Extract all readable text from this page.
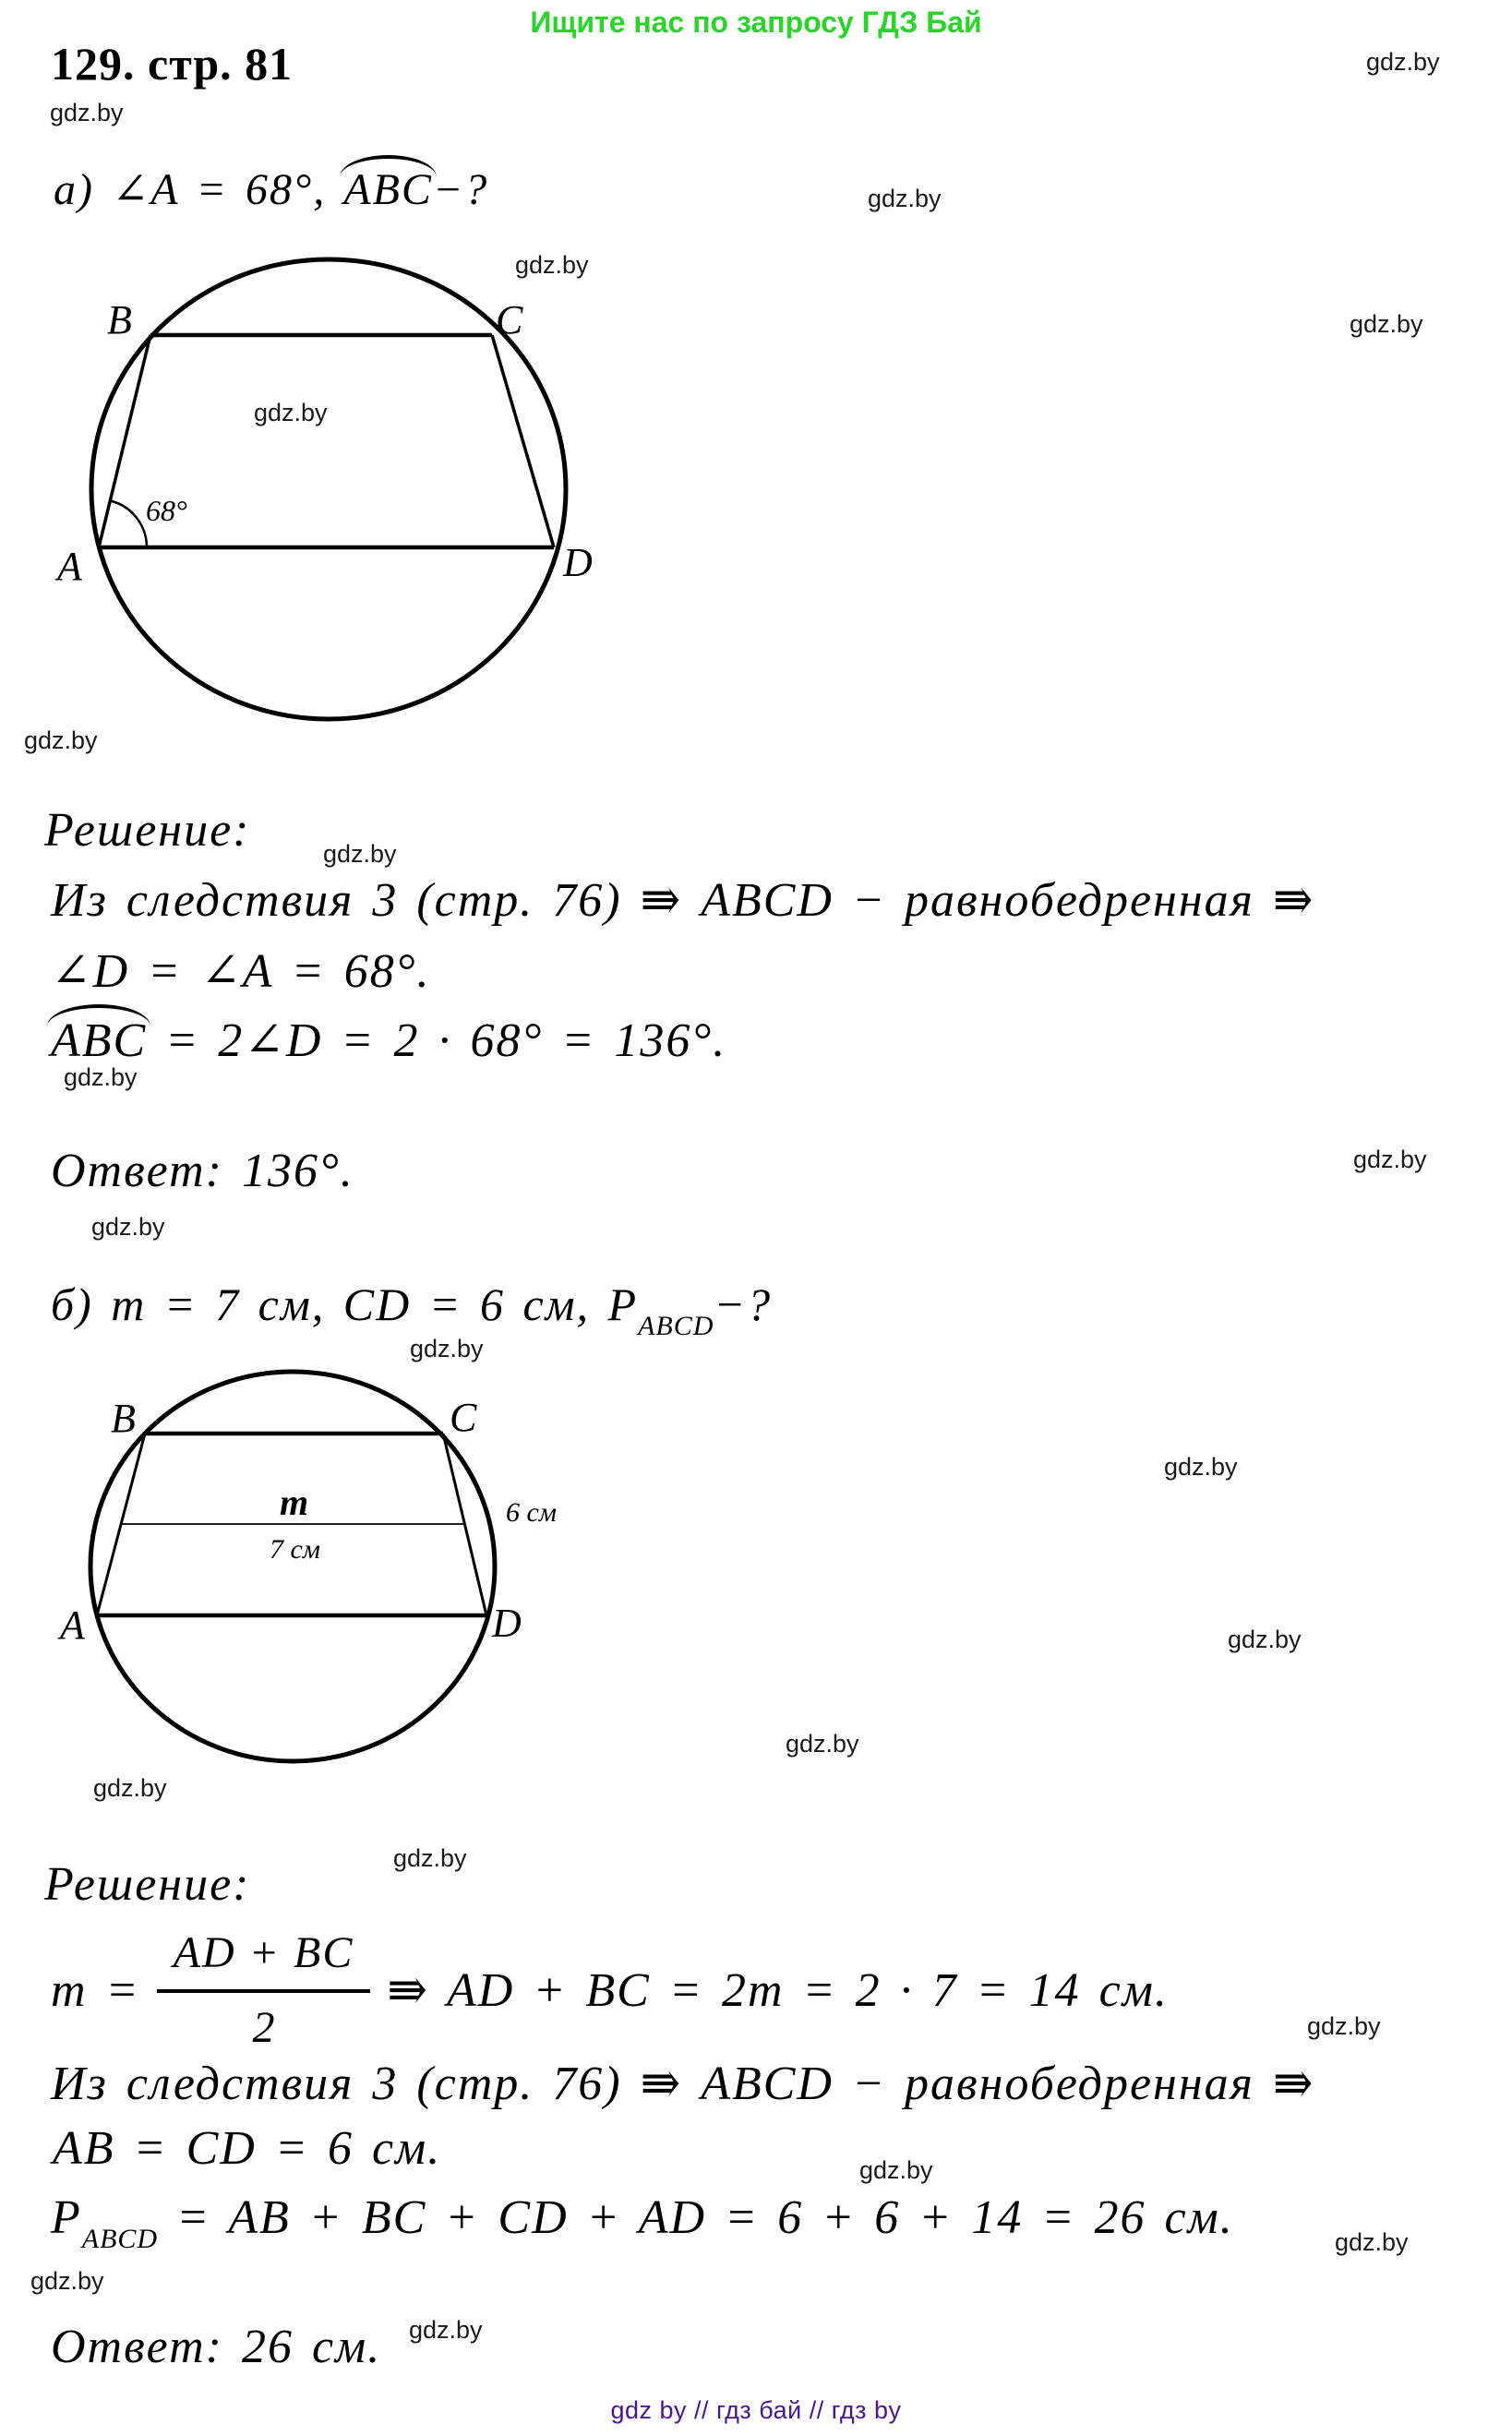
Ищите нас по запросу ГДЗ Бай
129. стр. 81
а) ∠A = 68°, ABC−?
B	C
A	D
68°
Решение:
Из следствия 3 (стр. 76) ⇛ ABCD − равнобедренная ⇛
∠D = ∠A = 68°.
ABC = 2∠D = 2 · 68° = 136°.
Ответ: 136°.
б) m = 7 см, CD = 6 см, $P_{ABCD}-$?
B	C
A	D
m
7 см
6 см
Решение:
$m = \frac{AD + BC}{2}$ ⇛ AD + BC = 2m = 2 · 7 = 14 см.
Из следствия 3 (стр. 76) ⇛ ABCD − равнобедренная ⇛
AB = CD = 6 см.
$P_{ABCD}$ = AB + BC + CD + AD = 6 + 6 + 14 = 26 см.
Ответ: 26 см.
gdz by // гдз бай // гдз by
gdz.by
gdz.by
gdz.by
gdz.by
gdz.by
gdz.by
gdz.by
gdz.by
gdz.by
gdz.by
gdz.by
gdz.by
gdz.by
gdz.by
gdz.by
gdz.by
gdz.by
gdz.by
gdz.by
gdz.by
gdz.by
gdz.by
